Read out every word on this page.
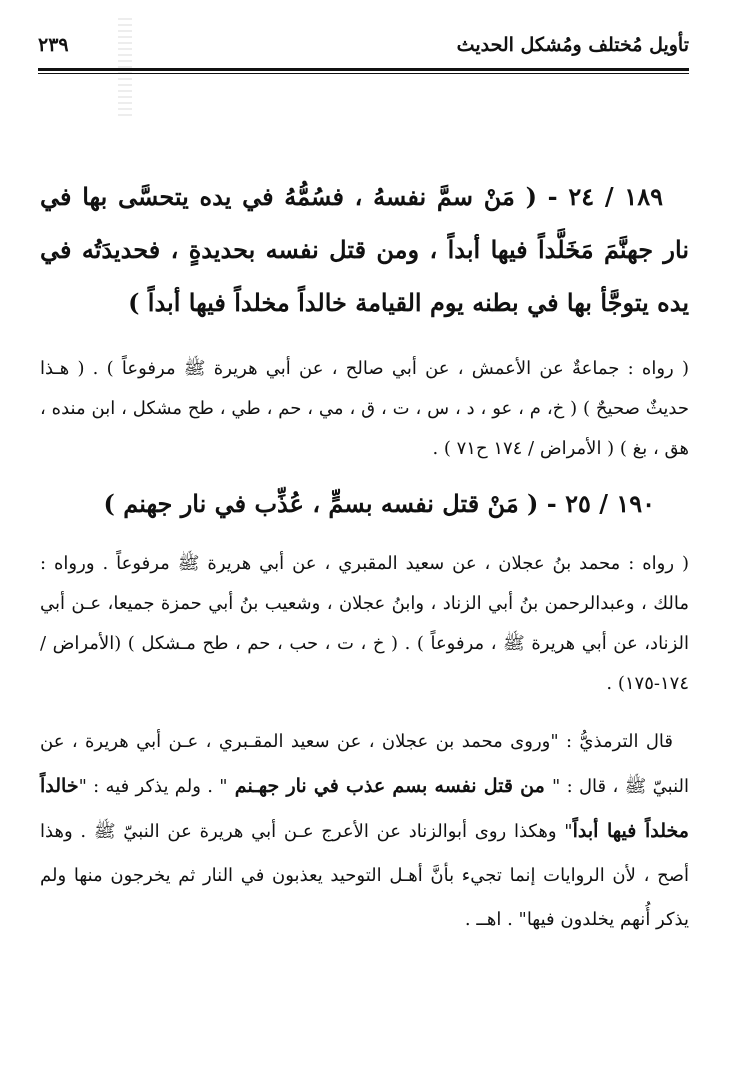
تأويل مُختلف ومُشكل الحديث
٢٣٩

١٨٩ / ٢٤ - ( مَنْ سمَّ نفسهُ ، فسُمُّهُ في يده يتحسَّى بها في نار جهنَّمَ مَخَلَّداً فيها أبداً ، ومن قتل نفسه بحديدةٍ ، فحديدَتُه في يده يتوجَّأ بها في بطنه يوم القيامة خالداً مخلداً فيها أبداً )

( رواه : جماعةٌ عن الأعمش ، عن أبي صالح ، عن أبي هريرة ﷺ مرفوعاً ) . ( هـذا حديثٌ صحيحٌ ) ( خ، م ، عو ، د ، س ، ت ، ق ، مي ، حم ، طي ، طح مشكل ، ابن منده ، هق ، بغ ) ( الأمراض / ١٧٤ ح٧١ ) .

١٩٠ / ٢٥ - ( مَنْ قتل نفسه بسمٍّ ، عُذِّب في نار جهنم )

( رواه : محمد بنُ عجلان ، عن سعيد المقبري ، عن أبي هريرة ﷺ مرفوعاً . ورواه : مالك ، وعبدالرحمن بنُ أبي الزناد ، وابنُ عجلان ، وشعيب بنُ أبي حمزة جميعا، عـن أبي الزناد، عن أبي هريرة ﷺ ، مرفوعاً ) . ( خ ، ت ، حب ، حم ، طح مـشكل ) (الأمراض / ١٧٤-١٧٥) .

قال الترمذيُّ : "وروى محمد بن عجلان ، عن سعيد المقـبري ، عـن أبي هريرة ، عن النبيّ ﷺ ، قال : " من قتل نفسه بسم عذب في نار جهـنم " . ولم يذكر فيه : "خالداً مخلداً فيها أبداً" وهكذا روى أبوالزناد عن الأعرج عـن أبي هريرة عن النبيّ ﷺ . وهذا أصح ، لأن الروايات إنما تجيء بأنَّ أهـل التوحيد يعذبون في النار ثم يخرجون منها ولم يذكر أُنهم يخلدون فيها" . اهــ .
